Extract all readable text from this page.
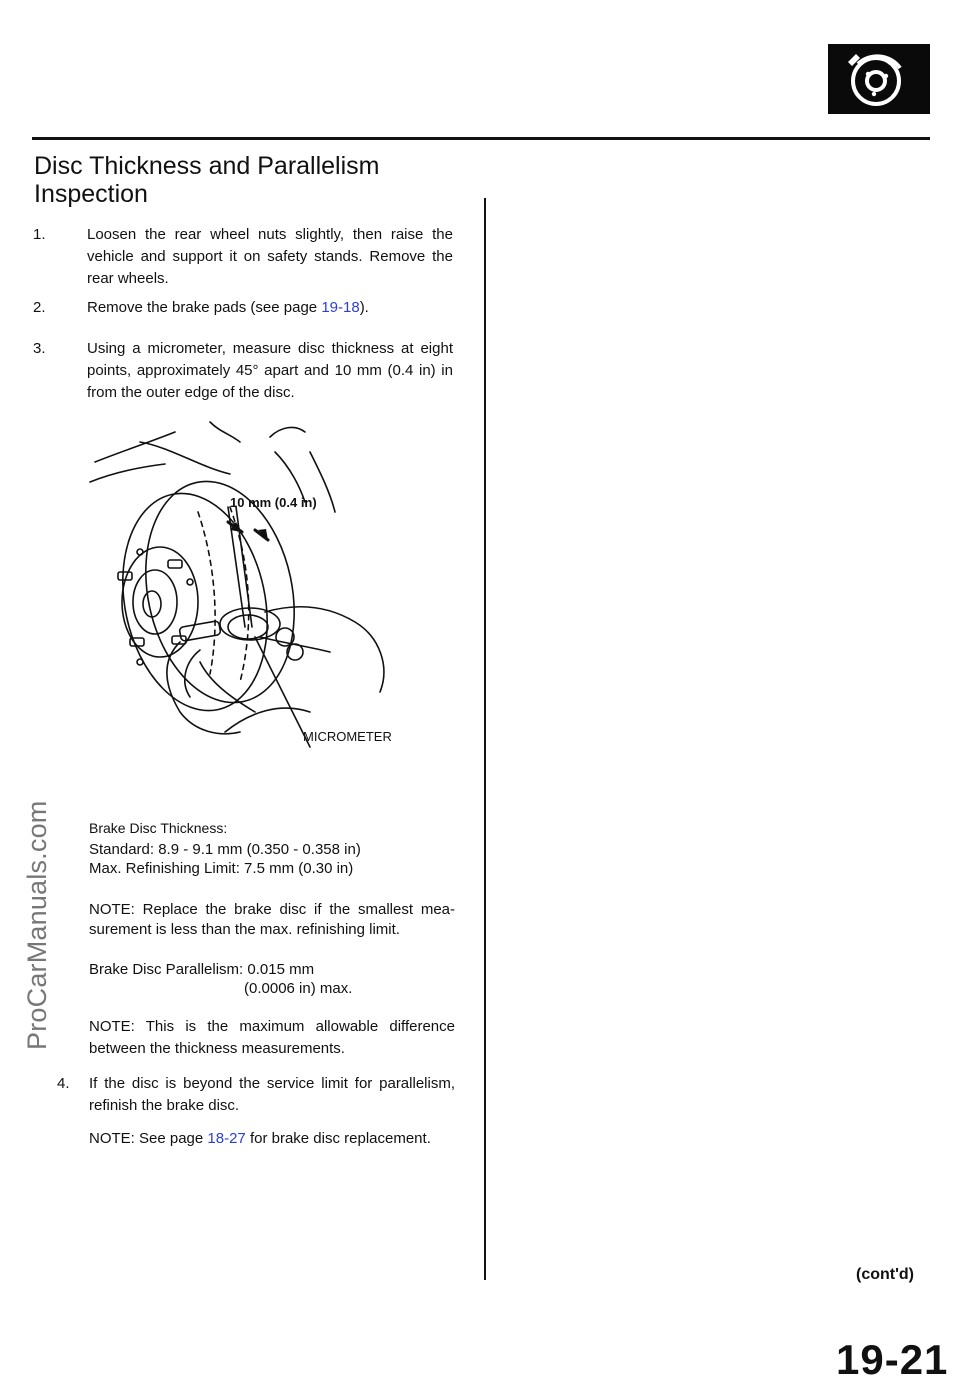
Disc Thickness and Parallelism
Inspection
1.	Loosen the rear wheel nuts slightly, then raise the vehicle and support it on safety stands. Remove the rear wheels.

2.	Remove the brake pads (see page 19-18).

3.	Using a micrometer, measure disc thickness at eight points, approximately 45° apart and 10 mm (0.4 in) in from the outer edge of the disc.

10 mm (0.4 in)
MICROMETER
Brake Disc Thickness:
Standard: 8.9 - 9.1 mm (0.350 - 0.358 in)
Max. Refinishing Limit: 7.5 mm (0.30 in)
NOTE: Replace the brake disc if the smallest mea-
surement is less than the max. refinishing limit.
Brake Disc Parallelism: 0.015 mm
(0.0006 in) max.

NOTE: This is the maximum allowable difference between the thickness measurements.

4. If the disc is beyond the service limit for parallelism, refinish the brake disc.

NOTE: See page 18-27 for brake disc replacement.

ProCarManuals.com
(cont'd)
19-21
